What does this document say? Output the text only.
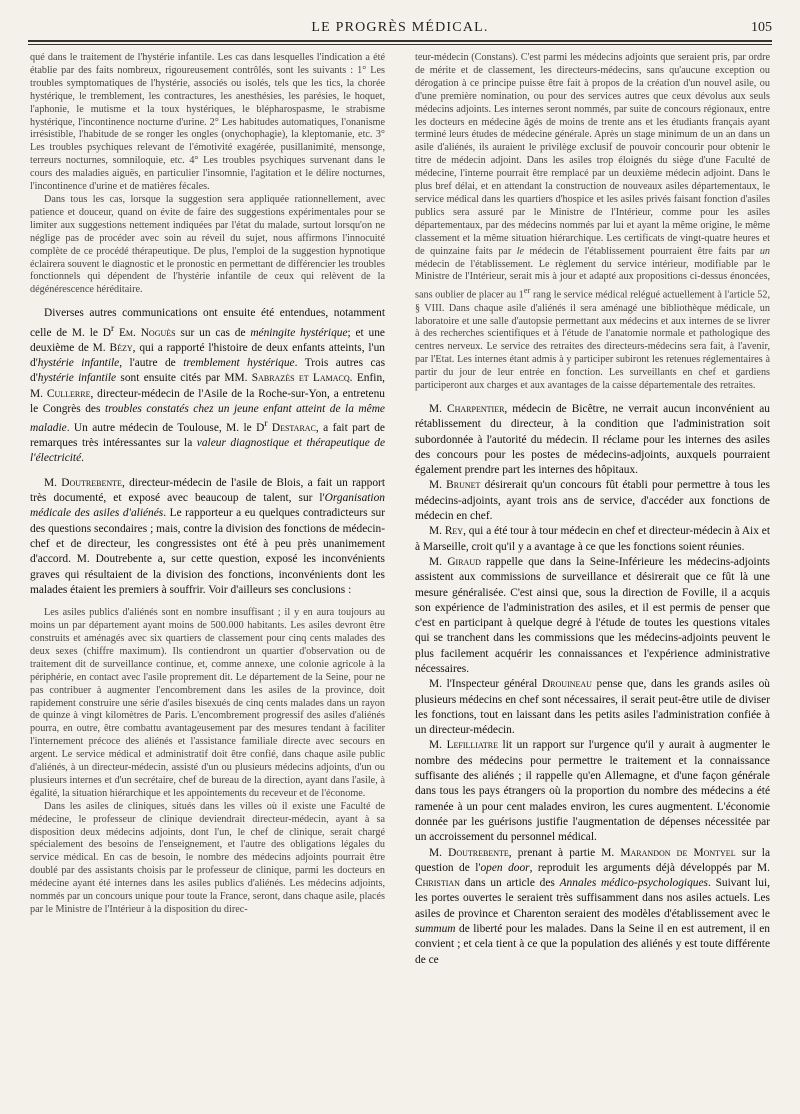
LE PROGRÈS MÉDICAL.	105

qué dans le traitement de l'hystérie infantile. Les cas dans lesquelles l'indication a été établie par des faits nombreux, rigoureusement contrôlés, sont les suivants : 1° Les troubles symptomatiques de l'hystérie, associés ou isolés, tels que les tics, la chorée hystérique, le tremblement, les contractures, les anesthésies, les parésies, le hoquet, l'aphonie, le mutisme et la toux hystériques, le blépharospasme, le strabisme hystérique, l'incontinence nocturne d'urine. 2° Les habitudes automatiques, l'onanisme irrésistible, l'habitude de se ronger les ongles (onychophagie), la kleptomanie, etc. 3° Les troubles psychiques relevant de l'émotivité exagérée, pusillanimité, mensonge, terreurs nocturnes, somniloquie, etc. 4° Les troubles psychiques survenant dans le cours des maladies aiguës, en particulier l'insomnie, l'agitation et le délire nocturnes, l'incontinence d'urine et de matières fécales.

Dans tous les cas, lorsque la suggestion sera appliquée rationnellement, avec patience et douceur, quand on évite de faire des suggestions expérimentales pour se limiter aux suggestions nettement indiquées par l'état du malade, surtout lorsqu'on ne néglige pas de procéder avec soin au réveil du sujet, nous affirmons l'innocuité complète de ce procédé thérapeutique. De plus, l'emploi de la suggestion hypnotique éclairera souvent le diagnostic et le pronostic en permettant de différencier les troubles fonctionnels qui dépendent de l'hystérie infantile de ceux qui relèvent de la dégénérescence héréditaire.

Diverses autres communications ont ensuite été entendues, notamment celle de M. le $D^r$ Em. Noguès sur un cas de méningite hystérique; et une deuxième de M. Bézy, qui a rapporté l'histoire de deux enfants atteints, l'un d'hystérie infantile, l'autre de tremblement hystérique. Trois autres cas d'hystérie infantile sont ensuite cités par MM. Sabrazès et Lamacq. Enfin, M. Cullerre, directeur-médecin de l'Asile de la Roche-sur-Yon, a entretenu le Congrès des troubles constatés chez un jeune enfant atteint de la même maladie. Un autre médecin de Toulouse, M. le $D^r$ Destarac, a fait part de remarques très intéressantes sur la valeur diagnostique et thérapeutique de l'électricité.

M. Doutrebente, directeur-médecin de l'asile de Blois, a fait un rapport très documenté, et exposé avec beaucoup de talent, sur l'Organisation médicale des asiles d'aliénés. Le rapporteur a eu quelques contradicteurs sur des questions secondaires ; mais, contre la division des fonctions de médecin-chef et de directeur, les congressistes ont été à peu près unanimement d'accord. M. Doutrebente a, sur cette question, exposé les inconvénients graves qui résultaient de la division des fonctions, inconvénients dont les malades étaient les premiers à souffrir. Voir d'ailleurs ses conclusions :

Les asiles publics d'aliénés sont en nombre insuffisant ; il y en aura toujours au moins un par département ayant moins de 500.000 habitants. Les asiles devront être construits et aménagés avec six quartiers de classement pour cinq cents malades des deux sexes (chiffre maximum). Ils contiendront un quartier d'observation ou de traitement dit de surveillance continue, et, comme annexe, une colonie agricole à la périphérie, en contact avec l'asile proprement dit. Le département de la Seine, pour ne pas contribuer à augmenter l'encombrement dans les asiles de la province, doit rapidement construire une série d'asiles bisexués de cinq cents malades dans un rayon de quinze à vingt kilomètres de Paris. L'encombrement progressif des asiles d'aliénés pourra, en outre, être combattu avantageusement par des mesures tendant à faciliter l'internement précoce des aliénés et l'assistance familiale directe avec secours en argent. Le service médical et administratif doit être confié, dans chaque asile public d'aliénés, à un directeur-médecin, assisté d'un ou plusieurs médecins adjoints, d'un ou plusieurs internes et d'un secrétaire, chef de bureau de la direction, ayant dans l'asile, à égalité, la situation hiérarchique et les appointements du receveur et de l'économe.

Dans les asiles de cliniques, situés dans les villes où il existe une Faculté de médecine, le professeur de clinique deviendrait directeur-médecin, ayant à sa disposition deux médecins adjoints, dont l'un, le chef de clinique, serait chargé spécialement des besoins de l'enseignement, et l'autre des obligations légales du service médical. En cas de besoin, le nombre des médecins adjoints pourrait être doublé par des assistants choisis par le professeur de clinique, parmi les docteurs en médecine ayant été internes dans les asiles publics d'aliénés. Les médecins adjoints, nommés par un concours unique pour toute la France, seront, dans chaque asile, placés par le Ministre de l'Intérieur à la disposition du direc-

teur-médecin (Constans). C'est parmi les médecins adjoints que seraient pris, par ordre de mérite et de classement, les directeurs-médecins, sans qu'aucune exception ou dérogation à ce principe puisse être fait à propos de la création d'un nouvel asile, ou d'une première nomination, ou pour des services autres que ceux dévolus aux seuls médecins adjoints. Les internes seront nommés, par suite de concours régionaux, entre les docteurs en médecine âgés de moins de trente ans et les étudiants français ayant terminé leurs études de médecine générale. Après un stage minimum de un an dans un asile d'aliénés, ils auraient le privilège exclusif de pouvoir concourir pour obtenir le titre de médecin adjoint. Dans les asiles trop éloignés du siège d'une Faculté de médecine, l'interne pourrait être remplacé par un deuxième médecin adjoint. Dans le plus bref délai, et en attendant la construction de nouveaux asiles départementaux, le service médical dans les quartiers d'hospice et les asiles privés faisant fonction d'asiles publics sera assuré par le Ministre de l'Intérieur, comme pour les asiles départementaux, par des médecins nommés par lui et ayant la même origine, le même classement et la même situation hiérarchique. Les certificats de vingt-quatre heures et de quinzaine faits par le médecin de l'établissement pourraient être faits par un médecin de l'établissement. Le règlement du service intérieur, modifiable par le Ministre de l'Intérieur, serait mis à jour et adapté aux propositions ci-dessus énoncées, sans oublier de placer au 1er rang le service médical relégué actuellement à l'article 52, § VIII. Dans chaque asile d'aliénés il sera aménagé une bibliothèque médicale, un laboratoire et une salle d'autopsie permettant aux médecins et aux internes de se livrer à des recherches scientifiques et à l'étude de l'anatomie normale et pathologique des centres nerveux. Le service des retraites des directeurs-médecins sera fait, à l'avenir, par l'Etat. Les internes étant admis à y participer subiront les retenues réglementaires à partir du jour de leur entrée en fonction. Les surveillants en chef et gardiens participeront aux charges et aux avantages de la caisse départementale des retraites.

M. Charpentier, médecin de Bicêtre, ne verrait aucun inconvénient au rétablissement du directeur, à la condition que l'administration soit subordonnée à l'autorité du médecin. Il réclame pour les internes des asiles des concours pour les postes de médecins-adjoints, auxquels pourraient également prendre part les internes des hôpitaux.

M. Brunet désirerait qu'un concours fût établi pour permettre à tous les médecins-adjoints, ayant trois ans de service, d'accéder aux fonctions de médecin en chef.

M. Rey, qui a été tour à tour médecin en chef et directeur-médecin à Aix et à Marseille, croit qu'il y a avantage à ce que les fonctions soient réunies.

M. Giraud rappelle que dans la Seine-Inférieure les médecins-adjoints assistent aux commissions de surveillance et désirerait que ce fût là une mesure généralisée. C'est ainsi que, sous la direction de Foville, il a acquis son expérience de l'administration des asiles, et il est permis de penser que c'est en participant à quelque degré à l'étude de toutes les questions vitales qui se tranchent dans les commissions que les médecins-adjoints peuvent le plus facilement acquérir les connaissances et l'expérience administrative nécessaires.

M. l'Inspecteur général Drouineau pense que, dans les grands asiles où plusieurs médecins en chef sont nécessaires, il serait peut-être utile de diviser les fonctions, tout en laissant dans les petits asiles l'administration confiée à un directeur-médecin.

M. Lefilliatre lit un rapport sur l'urgence qu'il y aurait à augmenter le nombre des médecins pour permettre le traitement et la connaissance suffisante des aliénés ; il rappelle qu'en Allemagne, et d'une façon générale dans tous les pays étrangers où la proportion du nombre des médecins a été ramenée à un pour cent malades environ, les cures augmentent. L'économie donnée par les guérisons justifie l'augmentation de dépenses nécessitée par un accroissement du personnel médical.

M. Doutrebente, prenant à partie M. Marandon de Montyel sur la question de l'open door, reproduit les arguments déjà développés par M. Christian dans un article des Annales médico-psychologiques. Suivant lui, les portes ouvertes le seraient très suffisamment dans nos asiles actuels. Les asiles de province et Charenton seraient des modèles d'établissement avec le summum de liberté pour les malades. Dans la Seine il en est autrement, il en convient ; et cela tient à ce que la population des aliénés y est toute différente de ce
